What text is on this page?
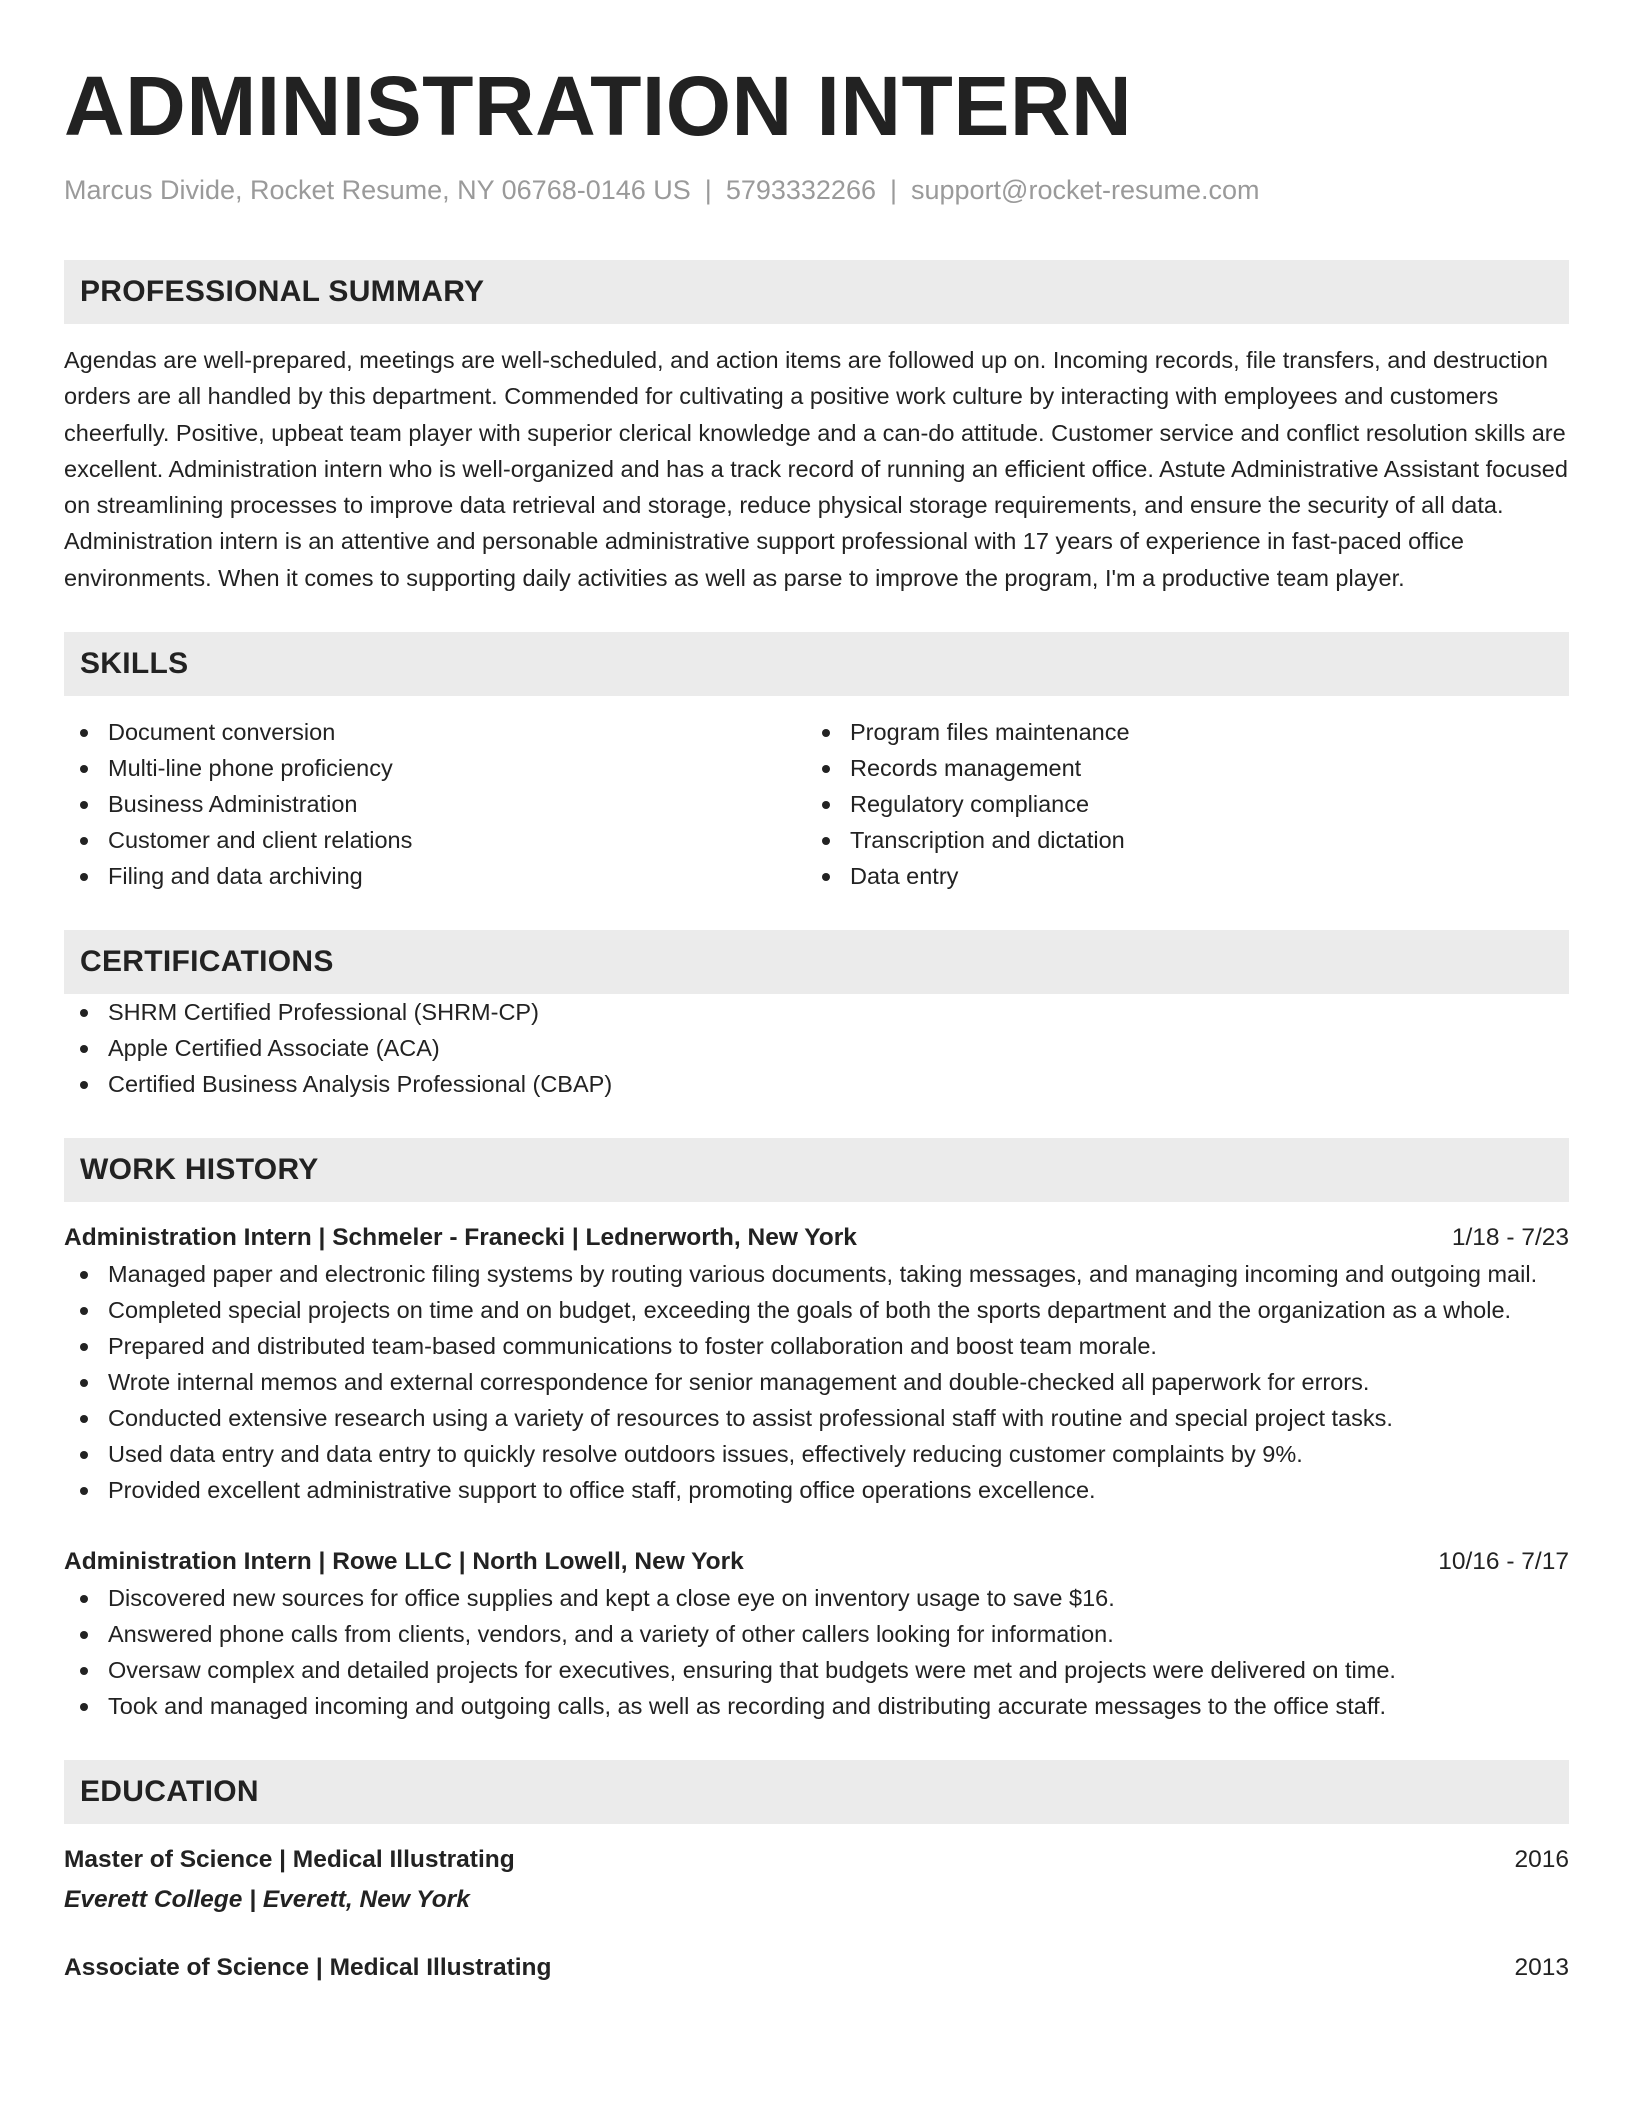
ADMINISTRATION INTERN
Marcus Divide, Rocket Resume, NY 06768-0146 US | 5793332266 | support@rocket-resume.com
PROFESSIONAL SUMMARY

Agendas are well-prepared, meetings are well-scheduled, and action items are followed up on. Incoming records, file transfers, and destruction orders are all handled by this department. Commended for cultivating a positive work culture by interacting with employees and customers cheerfully. Positive, upbeat team player with superior clerical knowledge and a can-do attitude. Customer service and conflict resolution skills are excellent. Administration intern who is well-organized and has a track record of running an efficient office. Astute Administrative Assistant focused on streamlining processes to improve data retrieval and storage, reduce physical storage requirements, and ensure the security of all data. Administration intern is an attentive and personable administrative support professional with 17 years of experience in fast-paced office environments. When it comes to supporting daily activities as well as parse to improve the program, I'm a productive team player.

SKILLS
Document conversion
Multi-line phone proficiency
Business Administration
Customer and client relations
Filing and data archiving
Program files maintenance
Records management
Regulatory compliance
Transcription and dictation
Data entry
CERTIFICATIONS
SHRM Certified Professional (SHRM-CP)
Apple Certified Associate (ACA)
Certified Business Analysis Professional (CBAP)
WORK HISTORY
Administration Intern | Schmeler - Franecki | Lednerworth, New York	1/18 - 7/23
Managed paper and electronic filing systems by routing various documents, taking messages, and managing incoming and outgoing mail.
Completed special projects on time and on budget, exceeding the goals of both the sports department and the organization as a whole.
Prepared and distributed team-based communications to foster collaboration and boost team morale.
Wrote internal memos and external correspondence for senior management and double-checked all paperwork for errors.
Conducted extensive research using a variety of resources to assist professional staff with routine and special project tasks.
Used data entry and data entry to quickly resolve outdoors issues, effectively reducing customer complaints by 9%.
Provided excellent administrative support to office staff, promoting office operations excellence.
Administration Intern | Rowe LLC | North Lowell, New York	10/16 - 7/17
Discovered new sources for office supplies and kept a close eye on inventory usage to save $16.
Answered phone calls from clients, vendors, and a variety of other callers looking for information.
Oversaw complex and detailed projects for executives, ensuring that budgets were met and projects were delivered on time.
Took and managed incoming and outgoing calls, as well as recording and distributing accurate messages to the office staff.
EDUCATION
Master of Science | Medical Illustrating	2016
Everett College | Everett, New York
Associate of Science | Medical Illustrating	2013
